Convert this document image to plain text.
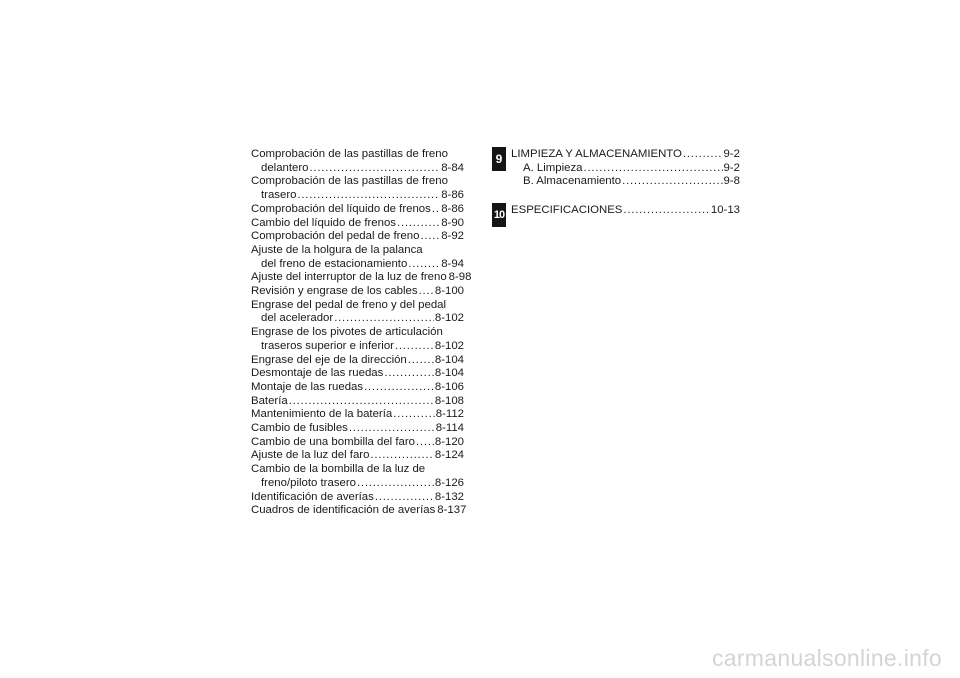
Comprobación de las pastillas de freno
delantero . . .	8-84
Comprobación de las pastillas de freno
trasero . . .	8-86
Comprobación del líquido de frenos . . . 8-86
Cambio del líquido de frenos . . .	8-90
Comprobación del pedal de freno . . . 8-92
Ajuste de la holgura de la palanca
del freno de estacionamiento . . .	8-94
Ajuste del interruptor de la luz de freno 8-98
Revisión y engrase de los cables . . . 8-100
Engrase del pedal de freno y del pedal
del acelerador . . .	8-102
Engrase de los pivotes de articulación
traseros superior e inferior . . .	8-102
Engrase del eje de la dirección . . . 8-104
Desmontaje de las ruedas . . .	8-104
Montaje de las ruedas . . .	8-106
Batería . . .	8-108
Mantenimiento de la batería . . .	8-112
Cambio de fusibles . . .	8-114
Cambio de una bombilla del faro . . . 8-120
Ajuste de la luz del faro . . .	8-124
Cambio de la bombilla de la luz de
freno/piloto trasero . . .	8-126
Identificación de averías . . .	8-132
Cuadros de identificación de averías 8-137
9 LIMPIEZA Y ALMACENAMIENTO . . .	9-2
A. Limpieza . . .	9-2
B. Almacenamiento . . .	9-8
10 ESPECIFICACIONES . . .	10-13
carmanualsonline.info
